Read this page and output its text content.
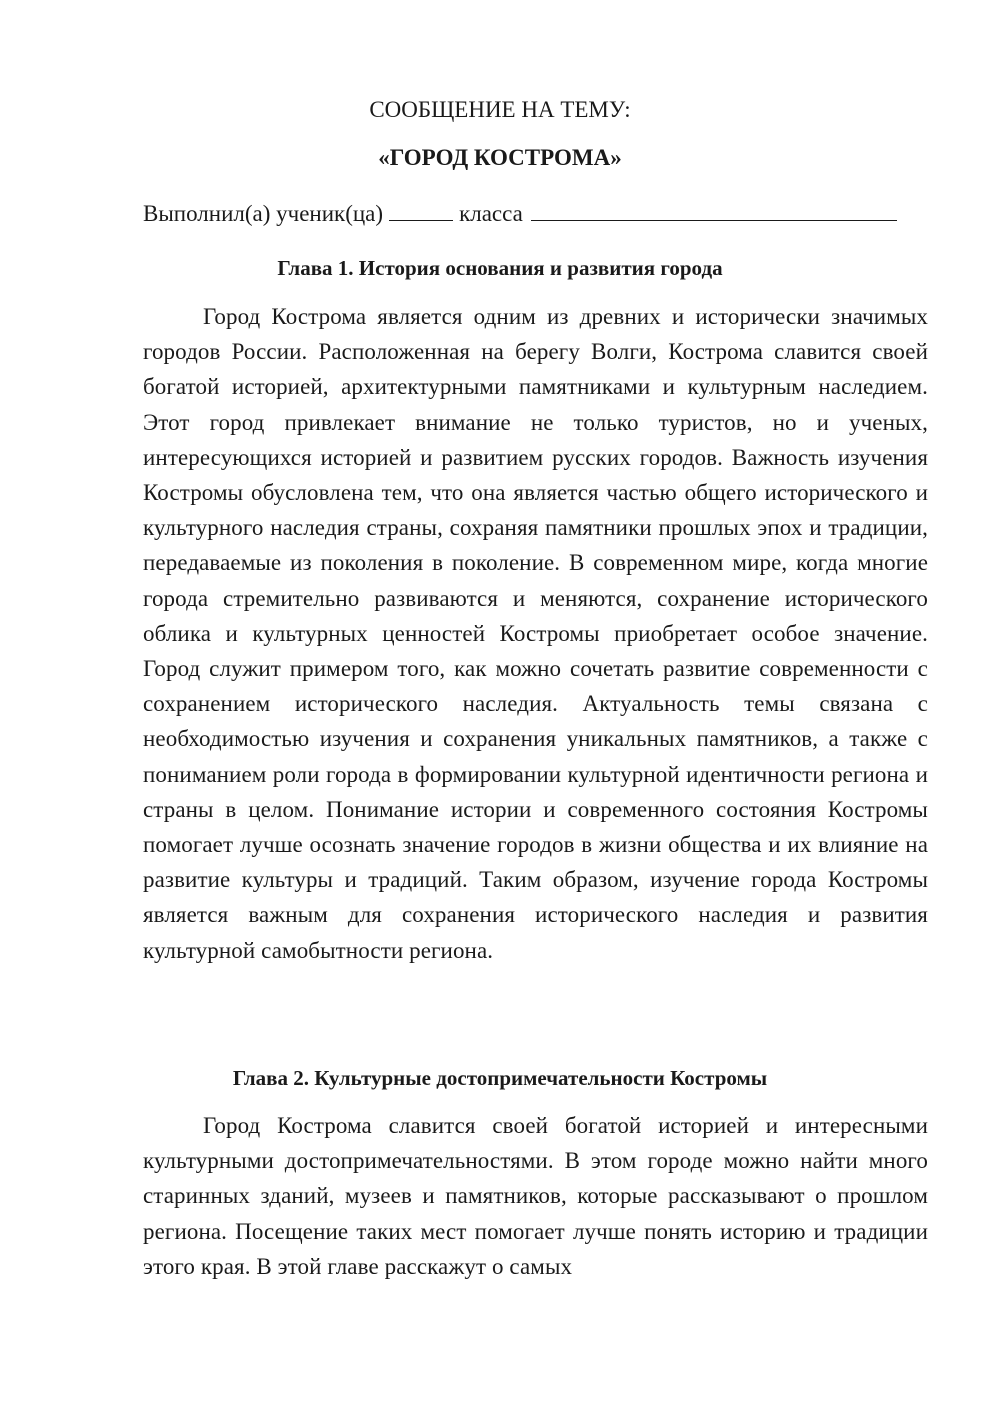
СООБЩЕНИЕ НА ТЕМУ:
«ГОРОД КОСТРОМА»
Выполнил(а) ученик(ца)	класса
Глава 1. История основания и развития города

Город Кострома является одним из древних и исторически значимых городов России. Расположенная на берегу Волги, Кострома славится своей богатой историей, архитектурными памятниками и культурным наследием. Этот город привлекает внимание не только туристов, но и ученых, интересующихся историей и развитием русских городов. Важность изучения Костромы обусловлена тем, что она является частью общего исторического и культурного наследия страны, сохраняя памятники прошлых эпох и традиции, передаваемые из поколения в поколение. В современном мире, когда многие города стремительно развиваются и меняются, сохранение исторического облика и культурных ценностей Костромы приобретает особое значение. Город служит примером того, как можно сочетать развитие современности с сохранением исторического наследия. Актуальность темы связана с необходимостью изучения и сохранения уникальных памятников, а также с пониманием роли города в формировании культурной идентичности региона и страны в целом. Понимание истории и современного состояния Костромы помогает лучше осознать значение городов в жизни общества и их влияние на развитие культуры и традиций. Таким образом, изучение города Костромы является важным для сохранения исторического наследия и развития культурной самобытности региона.

Глава 2. Культурные достопримечательности Костромы

Город Кострома славится своей богатой историей и интересными культурными достопримечательностями. В этом городе можно найти много старинных зданий, музеев и памятников, которые рассказывают о прошлом региона. Посещение таких мест помогает лучше понять историю и традиции этого края. В этой главе расскажут о самых
